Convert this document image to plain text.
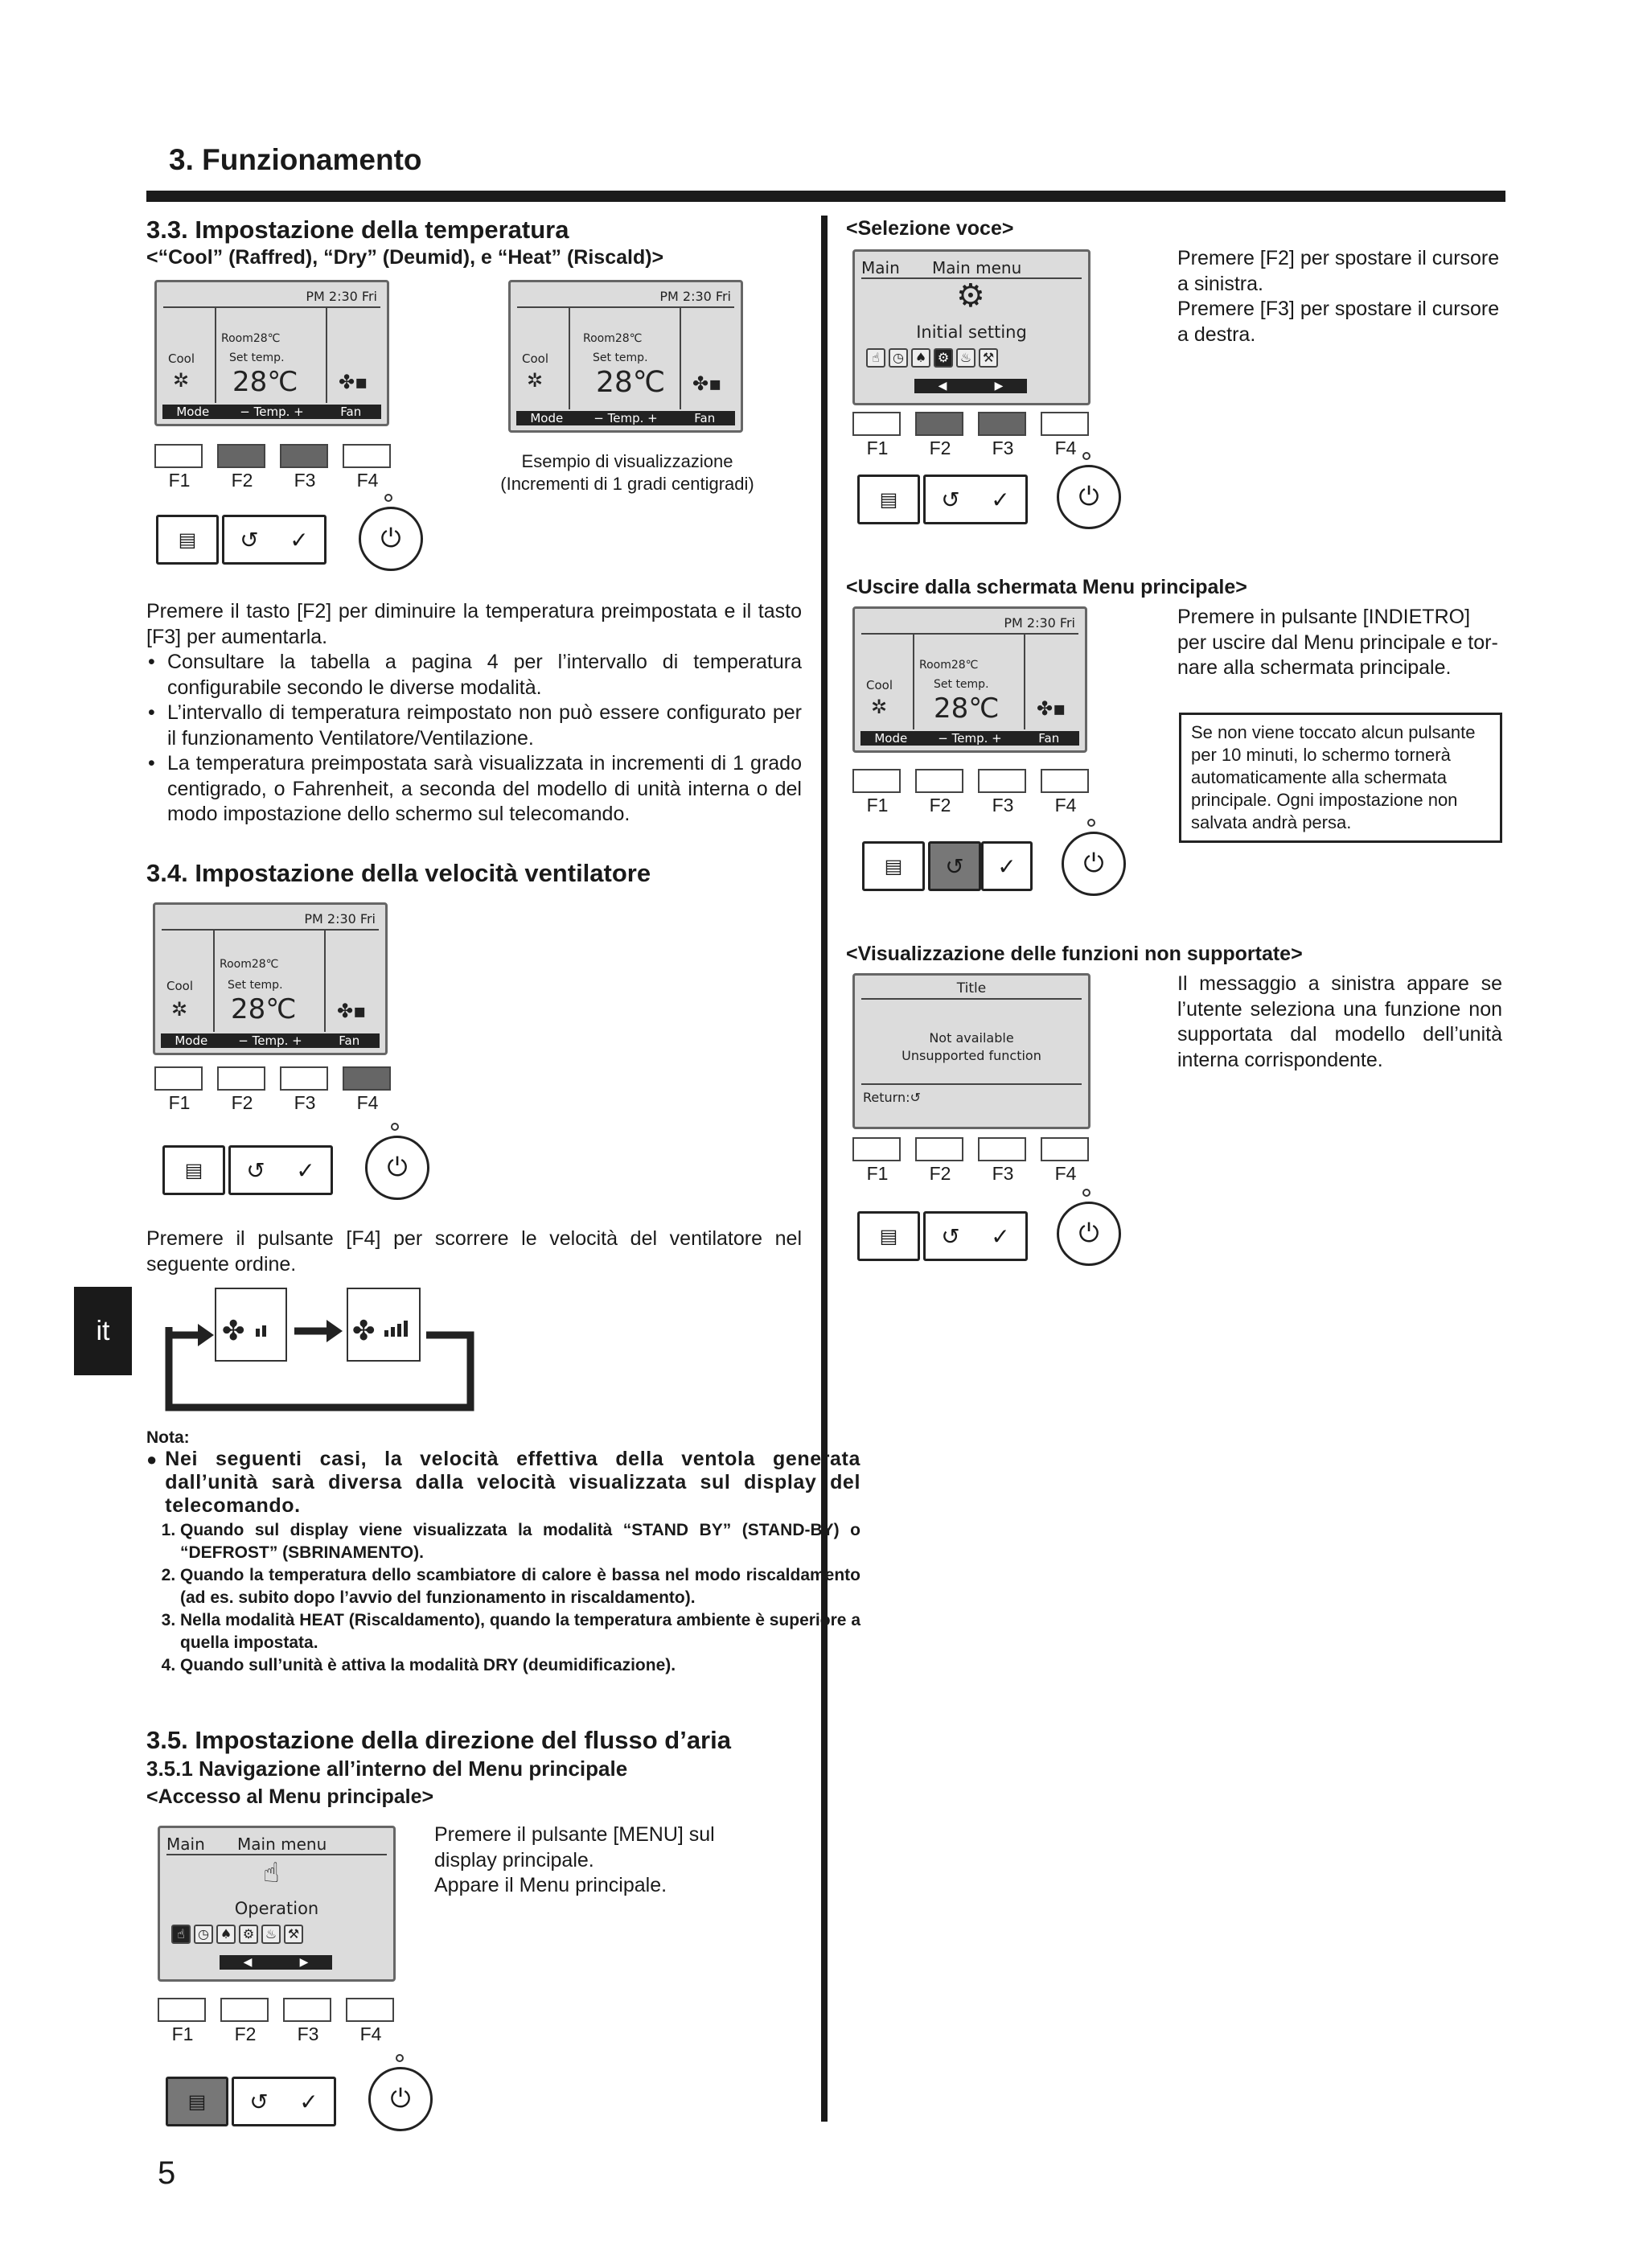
3. Funzionamento
it
5
3.3. Impostazione della temperatura
<“Cool” (Raffred), “Dry” (Deumid), e “Heat” (Riscald)>
PM 2:30 Fri
Room28℃
Set temp.
Cool
✲ 28℃ ✤▪
Mode	− Temp. +	Fan
F1	F2	F3	F4
▤	↺ ✓	⏻
PM 2:30 Fri
Room28℃
Set temp.
Cool
✲ 28℃ ✤▪
Mode	− Temp. +	Fan
Esempio di visualizzazione
(Incrementi di 1 gradi centigradi)
Premere il tasto [F2] per diminuire la temperatura preimpostata e il tasto [F3] per aumentarla.
• Consultare la tabella a pagina 4 per l’intervallo di temperatura configurabile secondo le diverse modalità.
• L’intervallo di temperatura reimpostato non può essere configurato per il funzionamento Ventilatore/Ventilazione.
• La temperatura preimpostata sarà visualizzata in incrementi di 1 grado centigrado, o Fahrenheit, a seconda del modello di unità interna o del modo impostazione dello schermo sul telecomando.
3.4. Impostazione della velocità ventilatore
PM 2:30 Fri
Room28℃
Set temp.
Cool
✲ 28℃ ✤▪
Mode	− Temp. +	Fan
F1	F2	F3	F4
▤	↺ ✓	⏻
Premere il pulsante [F4] per scorrere le velocità del ventilatore nel seguente ordine.
✤	✤
Nota:
● Nei seguenti casi, la velocità effettiva della ventola generata dall’unità sarà diversa dalla velocità visualizzata sul display del telecomando.
1. Quando sul display viene visualizzata la modalità “STAND BY” (STAND-BY) o “DEFROST” (SBRINAMENTO).
2. Quando la temperatura dello scambiatore di calore è bassa nel modo riscaldamento (ad es. subito dopo l’avvio del funzionamento in riscaldamento).
3. Nella modalità HEAT (Riscaldamento), quando la temperatura ambiente è superiore a quella impostata.
4. Quando sull’unità è attiva la modalità DRY (deumidificazione).
3.5. Impostazione della direzione del flusso d’aria
3.5.1 Navigazione all’interno del Menu principale
<Accesso al Menu principale>
Main Main menu
☝
Operation
☝ ◷ ♠ ⚙ ♨ ⚒
◀	▶
F1	F2	F3	F4
▤	↺ ✓	⏻
Premere il pulsante [MENU] sul
display principale.
Appare il Menu principale.
<Selezione voce>
Main Main menu
⚙
Initial setting
☝ ◷ ♠ ⚙ ♨ ⚒
◀	▶
F1	F2	F3	F4
▤	↺ ✓	⏻
Premere [F2] per spostare il cursore
a sinistra.
Premere [F3] per spostare il cursore
a destra.
<Uscire dalla schermata Menu principale>
PM 2:30 Fri
Room28℃
Set temp.
Cool
✲ 28℃ ✤▪
Mode	− Temp. +	Fan
F1	F2	F3	F4
▤	↺ ✓	⏻
Premere in pulsante [INDIETRO]
per uscire dal Menu principale e tor-
nare alla schermata principale.
Se non viene toccato alcun pulsante per 10 minuti, lo schermo tornerà automaticamente alla schermata principale. Ogni impostazione non salvata andrà persa.
<Visualizzazione delle funzioni non supportate>
Title
Not available
Unsupported function
Return:↺
F1	F2	F3	F4
▤	↺ ✓	⏻
Il messaggio a sinistra appare se l’utente seleziona una funzione non supportata dal modello dell’unità interna corrispondente.
